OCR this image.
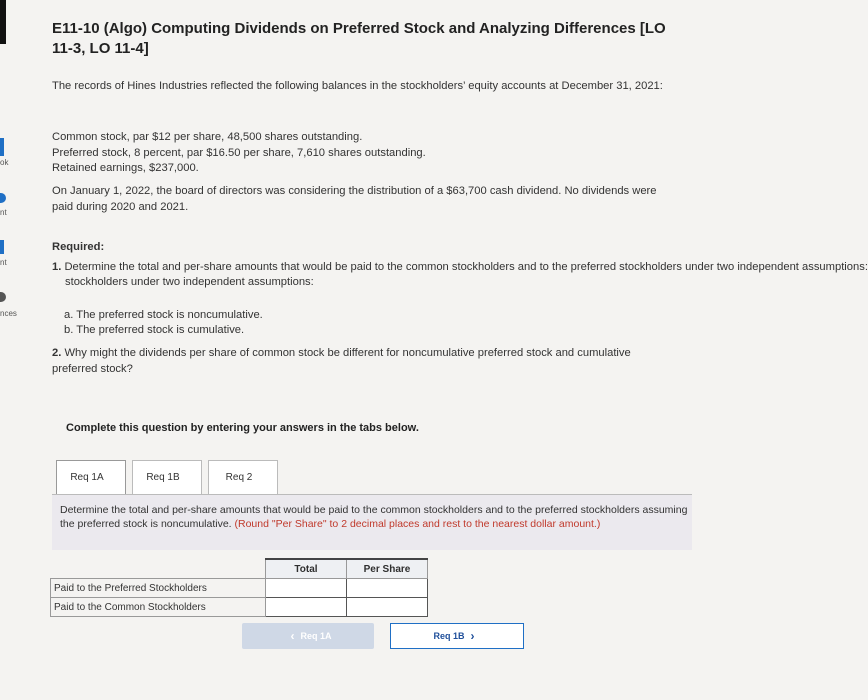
ok
nt
nt
nces
E11-10 (Algo) Computing Dividends on Preferred Stock and Analyzing Differences [LO 11-3, LO 11-4]
The records of Hines Industries reflected the following balances in the stockholders’ equity accounts at December 31, 2021:
Common stock, par $12 per share, 48,500 shares outstanding.
Preferred stock, 8 percent, par $16.50 per share, 7,610 shares outstanding.
Retained earnings, $237,000.
On January 1, 2022, the board of directors was considering the distribution of a $63,700 cash dividend. No dividends were paid during 2020 and 2021.
Required:
1. Determine the total and per-share amounts that would be paid to the common stockholders and to the preferred stockholders under two independent assumptions:
stockholders under two independent assumptions:
a. The preferred stock is noncumulative.
b. The preferred stock is cumulative.
2. Why might the dividends per share of common stock be different for noncumulative preferred stock and cumulative preferred stock?
Complete this question by entering your answers in the tabs below.
Req 1A	Req 1B	Req 2
Determine the total and per-share amounts that would be paid to the common stockholders and to the preferred stockholders assuming the preferred stock is noncumulative. (Round "Per Share" to 2 decimal places and rest to the nearest dollar amount.)
	Total	Per Share
Paid to the Preferred Stockholders		
Paid to the Common Stockholders		
‹ Req 1A	Req 1B ›
